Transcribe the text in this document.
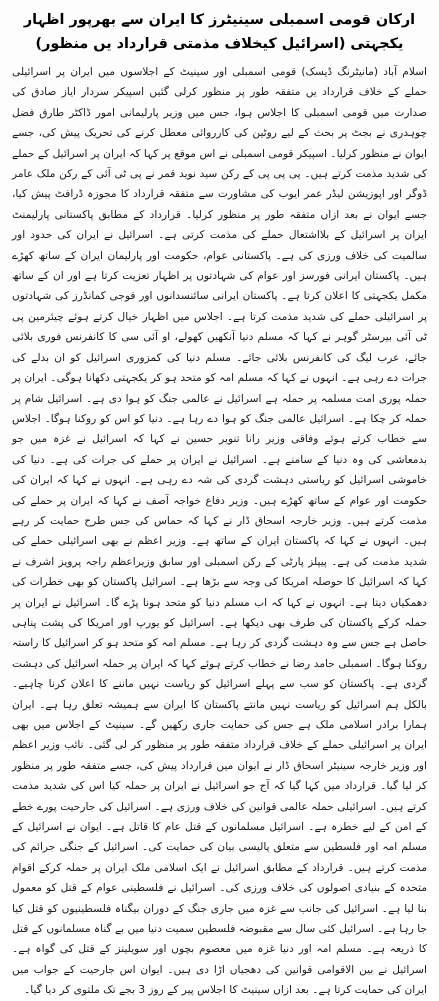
ارکان قومی اسمبلی سینیٹرز کا ایران سے بھرپور اظہار یکجہتی (اسرائیل کیخلاف مذمتی قرارداد یں منظور)

اسلام آباد (مانیٹرنگ ڈیسک) قومی اسمبلی اور سینیٹ کے اجلاسوں میں ایران پر اسرائیلی حملے کے خلاف قرارداد یں متفقہ طور پر منظور کرلی گئیں اسپیکر سردار ایاز صادق کی صدارت میں قومی اسمبلی کا اجلاس ہوا، جس میں وزیر پارلیمانی امور ڈاکٹر طارق فضل چوہدری نے بجٹ پر بحث کے لیے روٹین کی کارروائی معطل کرنے کی تحریک پیش کی، جسے ایوان نے منظور کرلیا۔ اسپیکر قومی اسمبلی نے اس موقع پر کہا کہ ایران پر اسرائیل کے حملے کی شدید مذمت کرتے ہیں۔ پی پی پی کے رکن سید نوید قمر نے پی ٹی آئی کے رکن ملک عامر ڈوگر اور اپوزیشن لیڈر عمر ایوب کی مشاورت سے متفقہ قرارداد کا مجوزہ ڈرافٹ پیش کیا، جسے ایوان نے بعد ازاں متفقہ طور پر منظور کرلیا۔ قرارداد کے مطابق پاکستانی پارلیمنٹ ایران پر اسرائیل کے بلااشتعال حملے کی مذمت کرتی ہے۔ اسرائیل نے ایران کی حدود اور سالمیت کی خلاف ورزی کی ہے۔ پاکستانی عوام، حکومت اور پارلیمان ایران کے ساتھ کھڑے ہیں۔ پاکستان ایرانی فورسز اور عوام کی شہادتوں پر اظہار تعزیت کرتا ہے اور ان کے ساتھ مکمل یکجہتی کا اعلان کرتا ہے۔ پاکستان ایرانی سائنسدانوں اور فوجی کمانڈرز کی شہادتوں پر اسرائیلی حملے کی شدید مذمت کرتا ہے۔ اجلاس میں اظہار خیال کرتے ہوئے چیئرمین پی ٹی آئی بیرسٹر گوہر نے کہا کہ مسلم دنیا آنکھیں کھولے، او آئی سی کا کانفرنس فوری بلائی جائے، عرب لیگ کی کانفرنس بلائی جائے۔ مسلم دنیا کی کمزوری اسرائیل کو ان بدلے کی جرات دے رہی ہے۔ انہوں نے کہا کہ مسلم امہ کو متحد ہو کر یکجہتی دکھانا ہوگی۔ ایران پر حملہ پوری امت مسلمہ پر حملہ ہے اسرائیل نے عالمی جنگ کو ہوا دی ہے۔ اسرائیل شام پر حملہ کر چکا ہے۔ اسرائیل عالمی جنگ کو ہوا دے رہا ہے۔ دنیا کو اس کو روکنا ہوگا۔ اجلاس سے خطاب کرتے ہوئے وفاقی وزیر رانا تنویر حسین نے کہا کہ اسرائیل نے غزہ میں جو بدمعاشی کی وہ دنیا کے سامنے ہے۔ اسرائیل نے ایران پر حملے کی جرات کی ہے۔ دنیا کی خاموشی اسرائیل کو ریاستی دہشت گردی کی شہ دے رہی ہے۔ انہوں نے کہا کہ ایران کی حکومت اور عوام کے ساتھ کھڑے ہیں۔ وزیر دفاع خواجہ آصف نے کہا کہ ایران پر حملے کی مذمت کرتے ہیں۔ وزیر خارجہ اسحاق ڈار نے کہا کہ حماس کی جس طرح حمایت کر رہے ہیں۔ انہوں نے کہا کہ پاکستان ایران کے ساتھ ہے۔ وزیر اعظم نے بھی اسرائیلی حملے کی شدید مذمت کی ہے۔ پیپلز پارٹی کے رکن اسمبلی اور سابق وزیراعظم راجہ پرویز اشرف نے کہا کہ اسرائیل کا حوصلہ امریکا کی وجہ سے بڑھا ہے۔ اسرائیل پاکستان کو بھی خطرات کی دھمکیاں دیتا ہے۔ انہوں نے کہا کہ اب مسلم دنیا کو متحد ہونا پڑے گا۔ اسرائیل نے ایران پر حملہ کرکے پاکستان کی طرف بھی دیکھا ہے۔ اسرائیل کو یورپ اور امریکا کی پشت پناہی حاصل ہے جس سے وہ دہشت گردی کر رہا ہے۔ مسلم امہ کو متحد ہو کر اسرائیل کا راستہ روکنا ہوگا۔ اسمبلی حامد رضا نے خطاب کرتے ہوئے کہا کہ ایران پر حملہ اسرائیل کی دہشت گردی ہے۔ پاکستان کو سب سے پہلے اسرائیل کو ریاست نہیں ماننے کا اعلان کرنا چاہیے۔ بالکل ہم اسرائیل کو ریاست نہیں مانتے پاکستان کا ایران سے ہمیشہ تعلق رہا ہے۔ ایران ہمارا برادر اسلامی ملک ہے جس کی حمایت جاری رکھیں گے۔ سینیٹ کے اجلاس میں بھی ایران پر اسرائیلی حملے کے خلاف قرارداد متفقہ طور پر منظور کر لی گئی۔ نائب وزیر اعظم اور وزیر خارجہ سینیٹر اسحاق ڈار نے ایوان میں قرارداد پیش کی، جسے متفقہ طور پر منظور کر لیا گیا۔ قرارداد میں کہا گیا کہ آج جو اسرائیل نے ایران پر حملہ کیا اس کی شدید مذمت کرتے ہیں۔ اسرائیلی حملہ عالمی قوانین کی خلاف ورزی ہے۔ اسرائیل کی جارحیت پورے خطے کے امن کے لیے خطرہ ہے۔ اسرائیل مسلمانوں کے قتل عام کا قاتل ہے۔ ایوان نے اسرائیل کے مسلم امہ اور فلسطین سے متعلق پالیسی بیان کی حمایت کی۔ اسرائیل کے جنگی جرائم کی مذمت کرتے ہیں۔ قرارداد کے مطابق اسرائیل نے ایک اسلامی ملک ایران پر حملہ کرکے اقوام متحدہ کے بنیادی اصولوں کی خلاف ورزی کی۔ اسرائیل نے فلسطینی عوام کے قتل کو معمول بنا لیا ہے۔ اسرائیل کی جانب سے غزہ میں جاری جنگ کے دوران بیگناہ فلسطینیوں کو قتل کیا جا رہا ہے۔ اسرائیل کئی سال سے مقبوضہ فلسطین سمیت دنیا میں بے گناہ مسلمانوں کے قتل کا ذریعہ ہے۔ مسلم امہ اور دنیا غزہ میں معصوم بچوں اور سویلینز کے قتل کی گواہ ہے۔ اسرائیل نے بین الاقوامی قوانین کی دھجیاں اڑا دی ہیں۔ ایوان اس جارحیت کے جواب میں ایران کی حمایت کرتا ہے۔ بعد ازاں سینیٹ کا اجلاس پیر کے روز 3 بجے تک ملتوی کر دیا گیا۔
